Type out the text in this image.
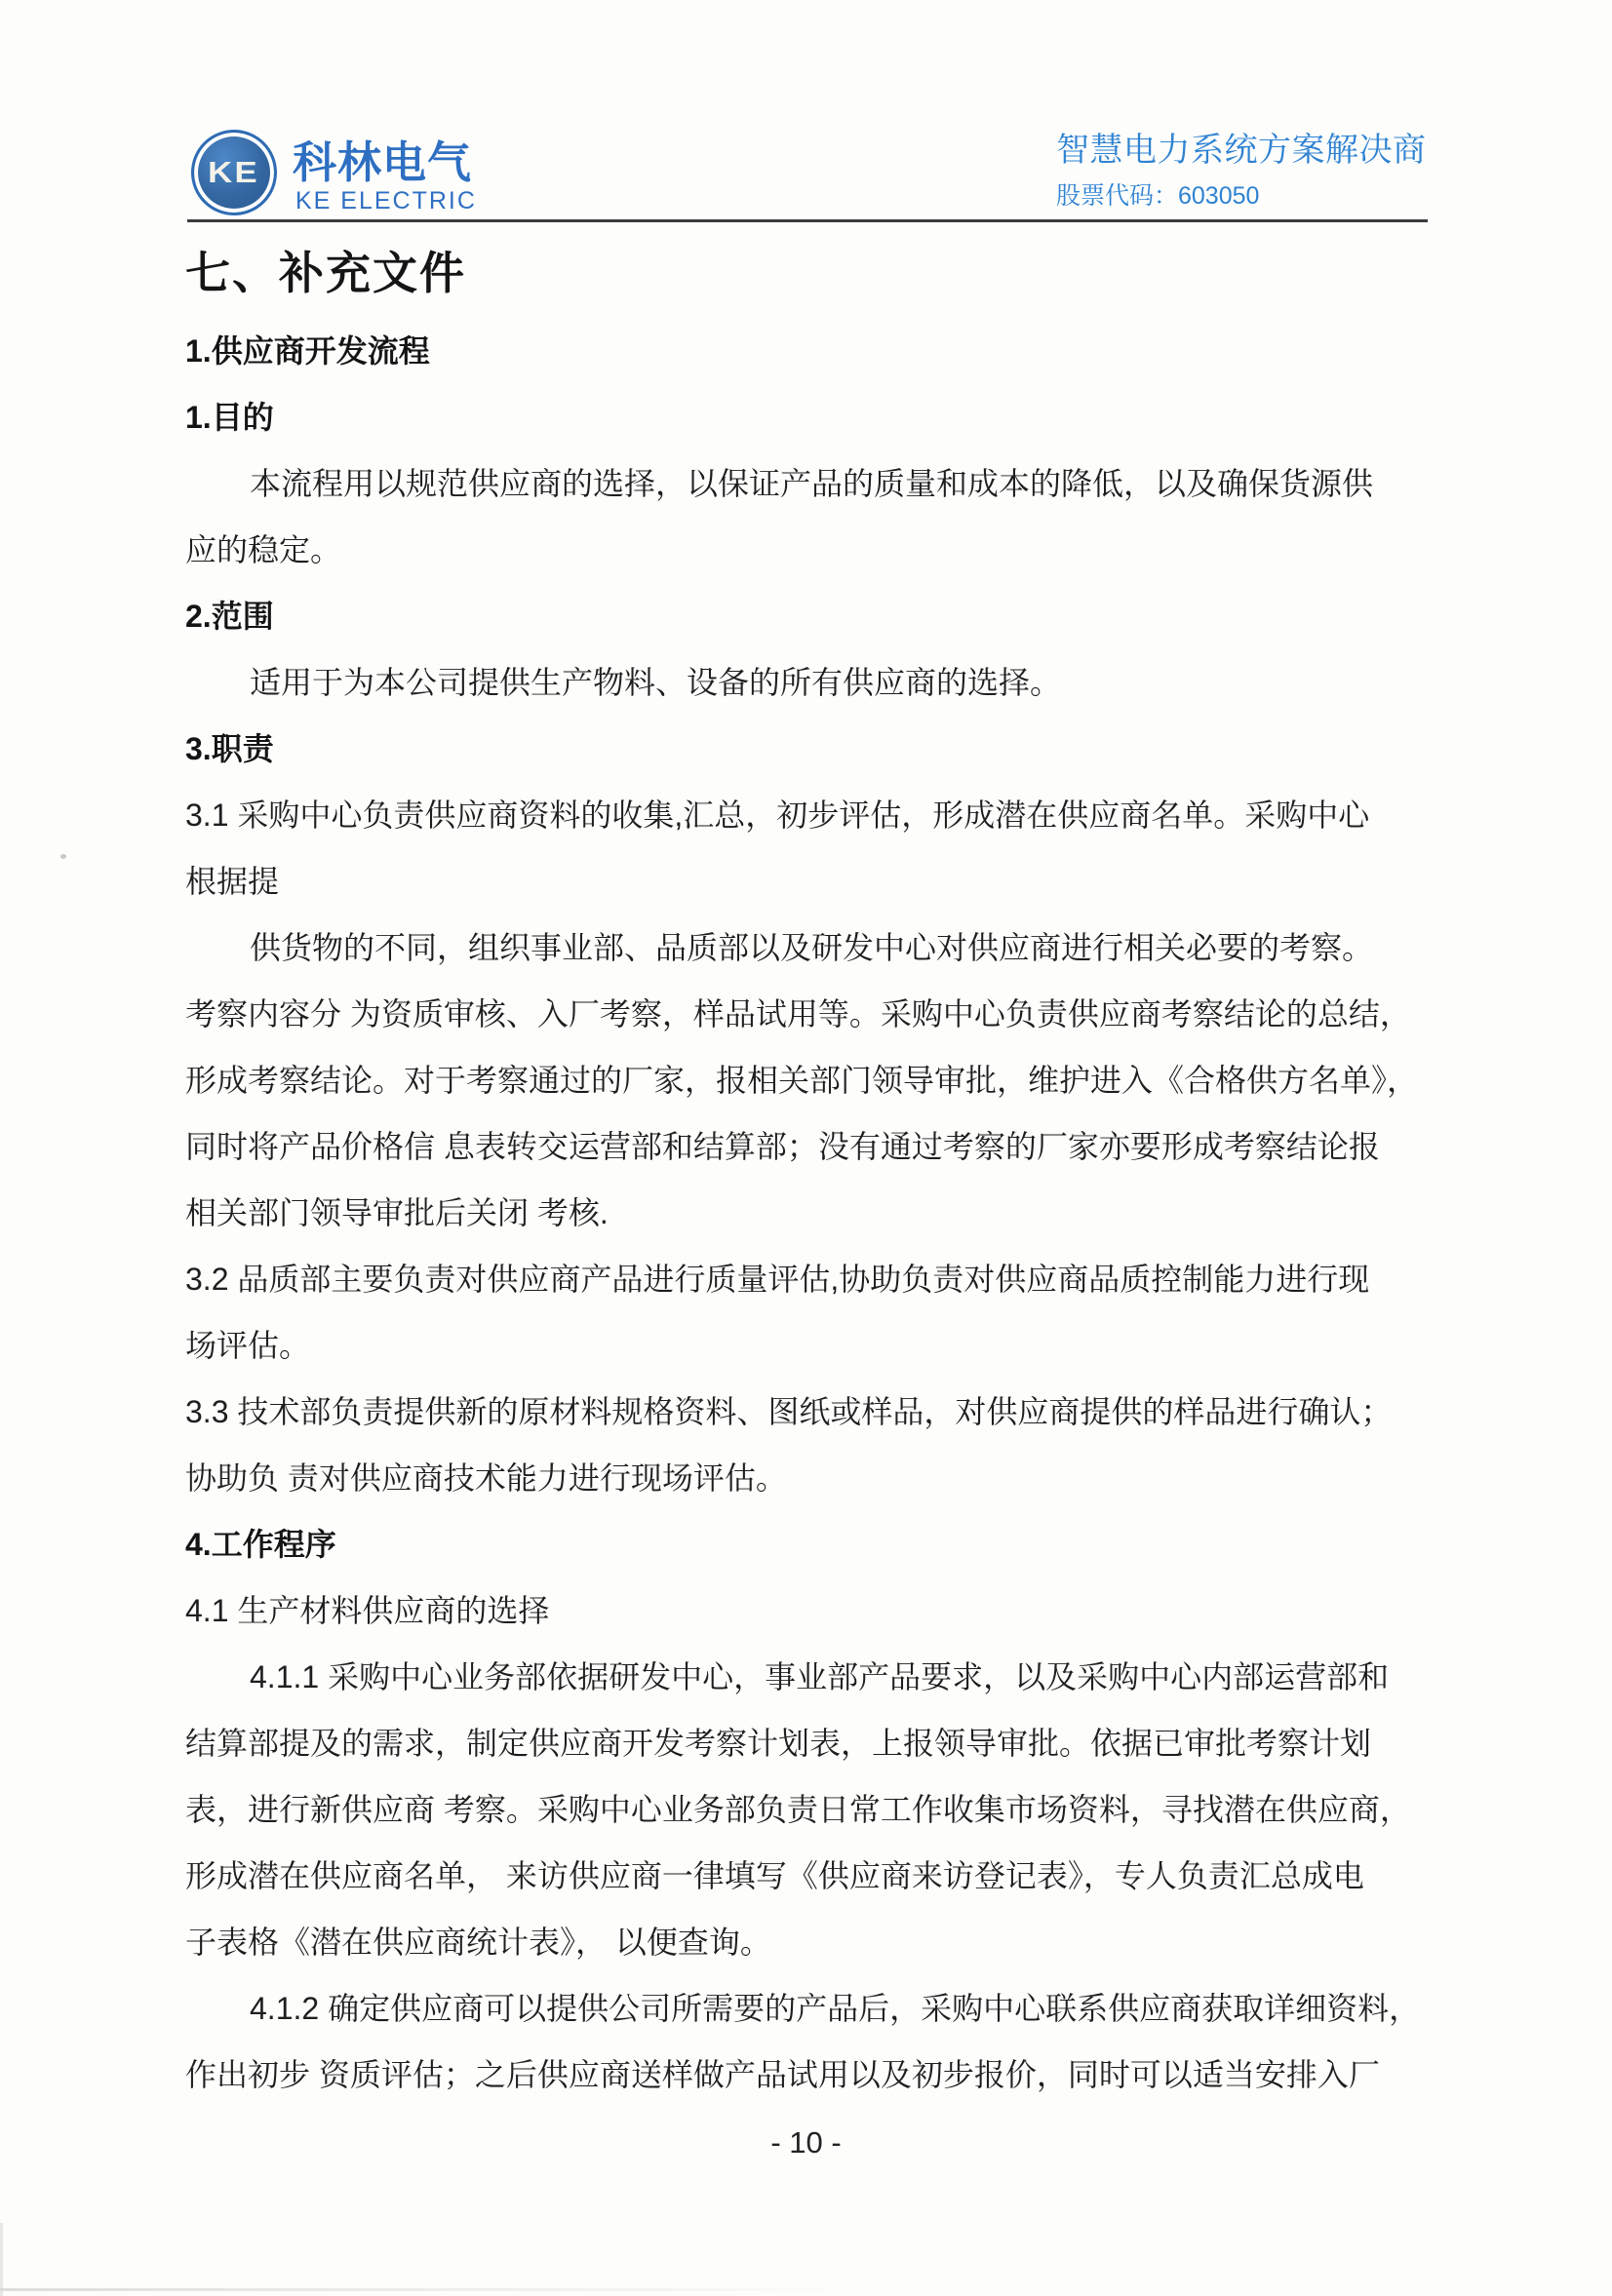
KE 科林电气
KE ELECTRIC
智慧电力系统方案解决商
股票代码：603050
七、补充文件
1.供应商开发流程
1.目的
本流程用以规范供应商的选择，以保证产品的质量和成本的降低，以及确保货源供
应的稳定。
2.范围
适用于为本公司提供生产物料、设备的所有供应商的选择。
3.职责
3.1 采购中心负责供应商资料的收集,汇总，初步评估，形成潜在供应商名单。采购中心
根据提
供货物的不同，组织事业部、品质部以及研发中心对供应商进行相关必要的考察。
考察内容分 为资质审核、入厂考察，样品试用等。采购中心负责供应商考察结论的总结，
形成考察结论。对于考察通过的厂家，报相关部门领导审批，维护进入《合格供方名单》，
同时将产品价格信 息表转交运营部和结算部；没有通过考察的厂家亦要形成考察结论报
相关部门领导审批后关闭 考核.
3.2 品质部主要负责对供应商产品进行质量评估,协助负责对供应商品质控制能力进行现
场评估。
3.3 技术部负责提供新的原材料规格资料、图纸或样品，对供应商提供的样品进行确认；
协助负 责对供应商技术能力进行现场评估。
4.工作程序
4.1 生产材料供应商的选择
4.1.1 采购中心业务部依据研发中心，事业部产品要求，以及采购中心内部运营部和
结算部提及的需求，制定供应商开发考察计划表，上报领导审批。依据已审批考察计划
表，进行新供应商 考察。采购中心业务部负责日常工作收集市场资料，寻找潜在供应商，
形成潜在供应商名单， 来访供应商一律填写《供应商来访登记表》，专人负责汇总成电
子表格《潜在供应商统计表》， 以便查询。
4.1.2 确定供应商可以提供公司所需要的产品后，采购中心联系供应商获取详细资料，
作出初步 资质评估；之后供应商送样做产品试用以及初步报价，同时可以适当安排入厂
- 10 -
